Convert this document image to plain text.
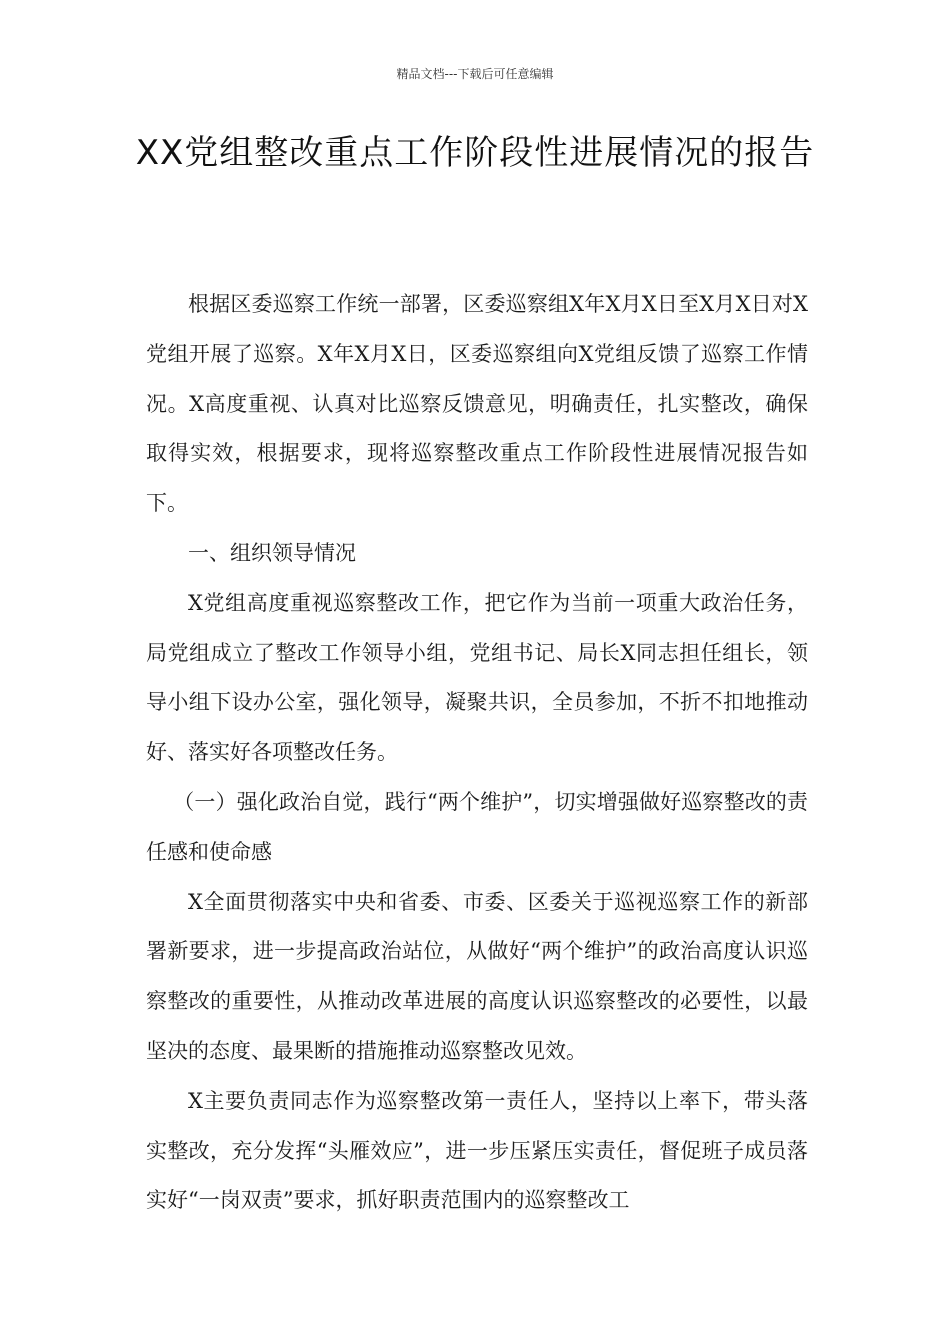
精品文档---下载后可任意编辑
XX党组整改重点工作阶段性进展情况的报告

根据区委巡察工作统一部署，区委巡察组X年X月X日至X月X日对X党组开展了巡察。X年X月X日，区委巡察组向X党组反馈了巡察工作情况。X高度重视、认真对比巡察反馈意见，明确责任，扎实整改，确保取得实效，根据要求，现将巡察整改重点工作阶段性进展情况报告如下。

一、组织领导情况

X党组高度重视巡察整改工作，把它作为当前一项重大政治任务，局党组成立了整改工作领导小组，党组书记、局长X同志担任组长，领导小组下设办公室，强化领导，凝聚共识，全员参加，不折不扣地推动好、落实好各项整改任务。

（一）强化政治自觉，践行“两个维护”，切实增强做好巡察整改的责任感和使命感

X全面贯彻落实中央和省委、市委、区委关于巡视巡察工作的新部署新要求，进一步提高政治站位，从做好“两个维护”的政治高度认识巡察整改的重要性，从推动改革进展的高度认识巡察整改的必要性，以最坚决的态度、最果断的措施推动巡察整改见效。

X主要负责同志作为巡察整改第一责任人，坚持以上率下，带头落实整改，充分发挥“头雁效应”，进一步压紧压实责任，督促班子成员落实好“一岗双责”要求，抓好职责范围内的巡察整改工
